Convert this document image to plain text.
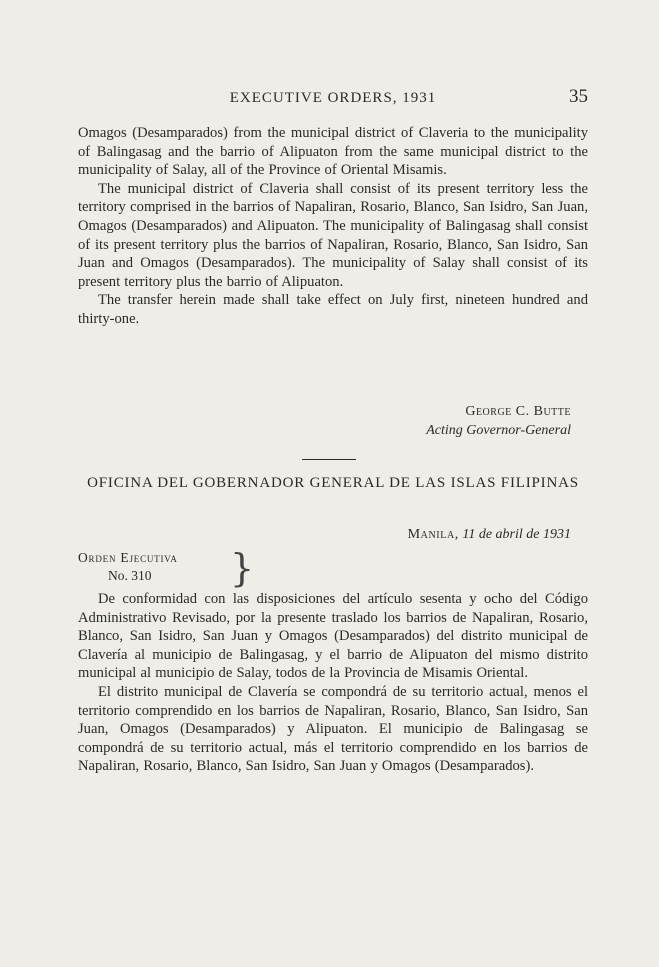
EXECUTIVE ORDERS, 1931	35

Omagos (Desamparados) from the municipal district of Claveria to the municipality of Balingasag and the barrio of Alipuaton from the same municipal district to the municipality of Salay, all of the Province of Oriental Misamis.

The municipal district of Claveria shall consist of its present territory less the territory comprised in the barrios of Napaliran, Rosario, Blanco, San Isidro, San Juan, Omagos (Desamparados) and Alipuaton. The municipality of Balingasag shall consist of its present territory plus the barrios of Napaliran, Rosario, Blanco, San Isidro, San Juan and Omagos (Desamparados). The municipality of Salay shall consist of its present territory plus the barrio of Alipuaton.

The transfer herein made shall take effect on July first, nineteen hundred and thirty-one.

George C. Butte
Acting Governor-General
OFICINA DEL GOBERNADOR GENERAL DE LAS ISLAS FILIPINAS
Manila, 11 de abril de 1931
Orden Ejecutiva
No. 310 }

De conformidad con las disposiciones del artículo sesenta y ocho del Código Administrativo Revisado, por la presente traslado los barrios de Napaliran, Rosario, Blanco, San Isidro, San Juan y Omagos (Desamparados) del distrito municipal de Clavería al municipio de Balingasag, y el barrio de Alipuaton del mismo distrito municipal al municipio de Salay, todos de la Provincia de Misamis Oriental.

El distrito municipal de Clavería se compondrá de su territorio actual, menos el territorio comprendido en los barrios de Napaliran, Rosario, Blanco, San Isidro, San Juan, Omagos (Desamparados) y Alipuaton. El municipio de Balingasag se compondrá de su territorio actual, más el territorio comprendido en los barrios de Napaliran, Rosario, Blanco, San Isidro, San Juan y Omagos (Desamparados).
